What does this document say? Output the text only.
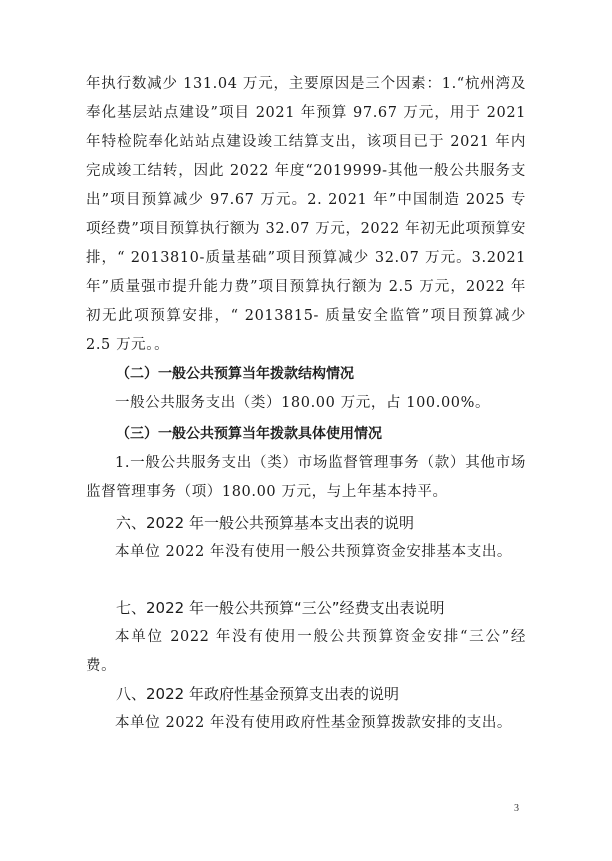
年执行数减少 131.04 万元，主要原因是三个因素：1.“杭州湾及奉化基层站点建设”项目 2021 年预算 97.67 万元，用于 2021 年特检院奉化站站点建设竣工结算支出，该项目已于 2021 年内完成竣工结转，因此 2022 年度“2019999-其他一般公共服务支出”项目预算减少 97.67 万元。2. 2021 年”中国制造 2025 专项经费”项目预算执行额为 32.07 万元，2022 年初无此项预算安排，“ 2013810-质量基础”项目预算减少 32.07 万元。3.2021 年”质量强市提升能力费”项目预算执行额为 2.5 万元，2022 年初无此项预算安排，“ 2013815- 质量安全监管”项目预算减少 2.5 万元。。

（二）一般公共预算当年拨款结构情况

一般公共服务支出（类）180.00 万元，占 100.00%。

（三）一般公共预算当年拨款具体使用情况

1.一般公共服务支出（类）市场监督管理事务（款）其他市场监督管理事务（项）180.00 万元，与上年基本持平。

六、2022 年一般公共预算基本支出表的说明

本单位 2022 年没有使用一般公共预算资金安排基本支出。

七、2022 年一般公共预算“三公”经费支出表说明

本单位 2022 年没有使用一般公共预算资金安排“三公”经费。

八、2022 年政府性基金预算支出表的说明

本单位 2022 年没有使用政府性基金预算拨款安排的支出。

3
